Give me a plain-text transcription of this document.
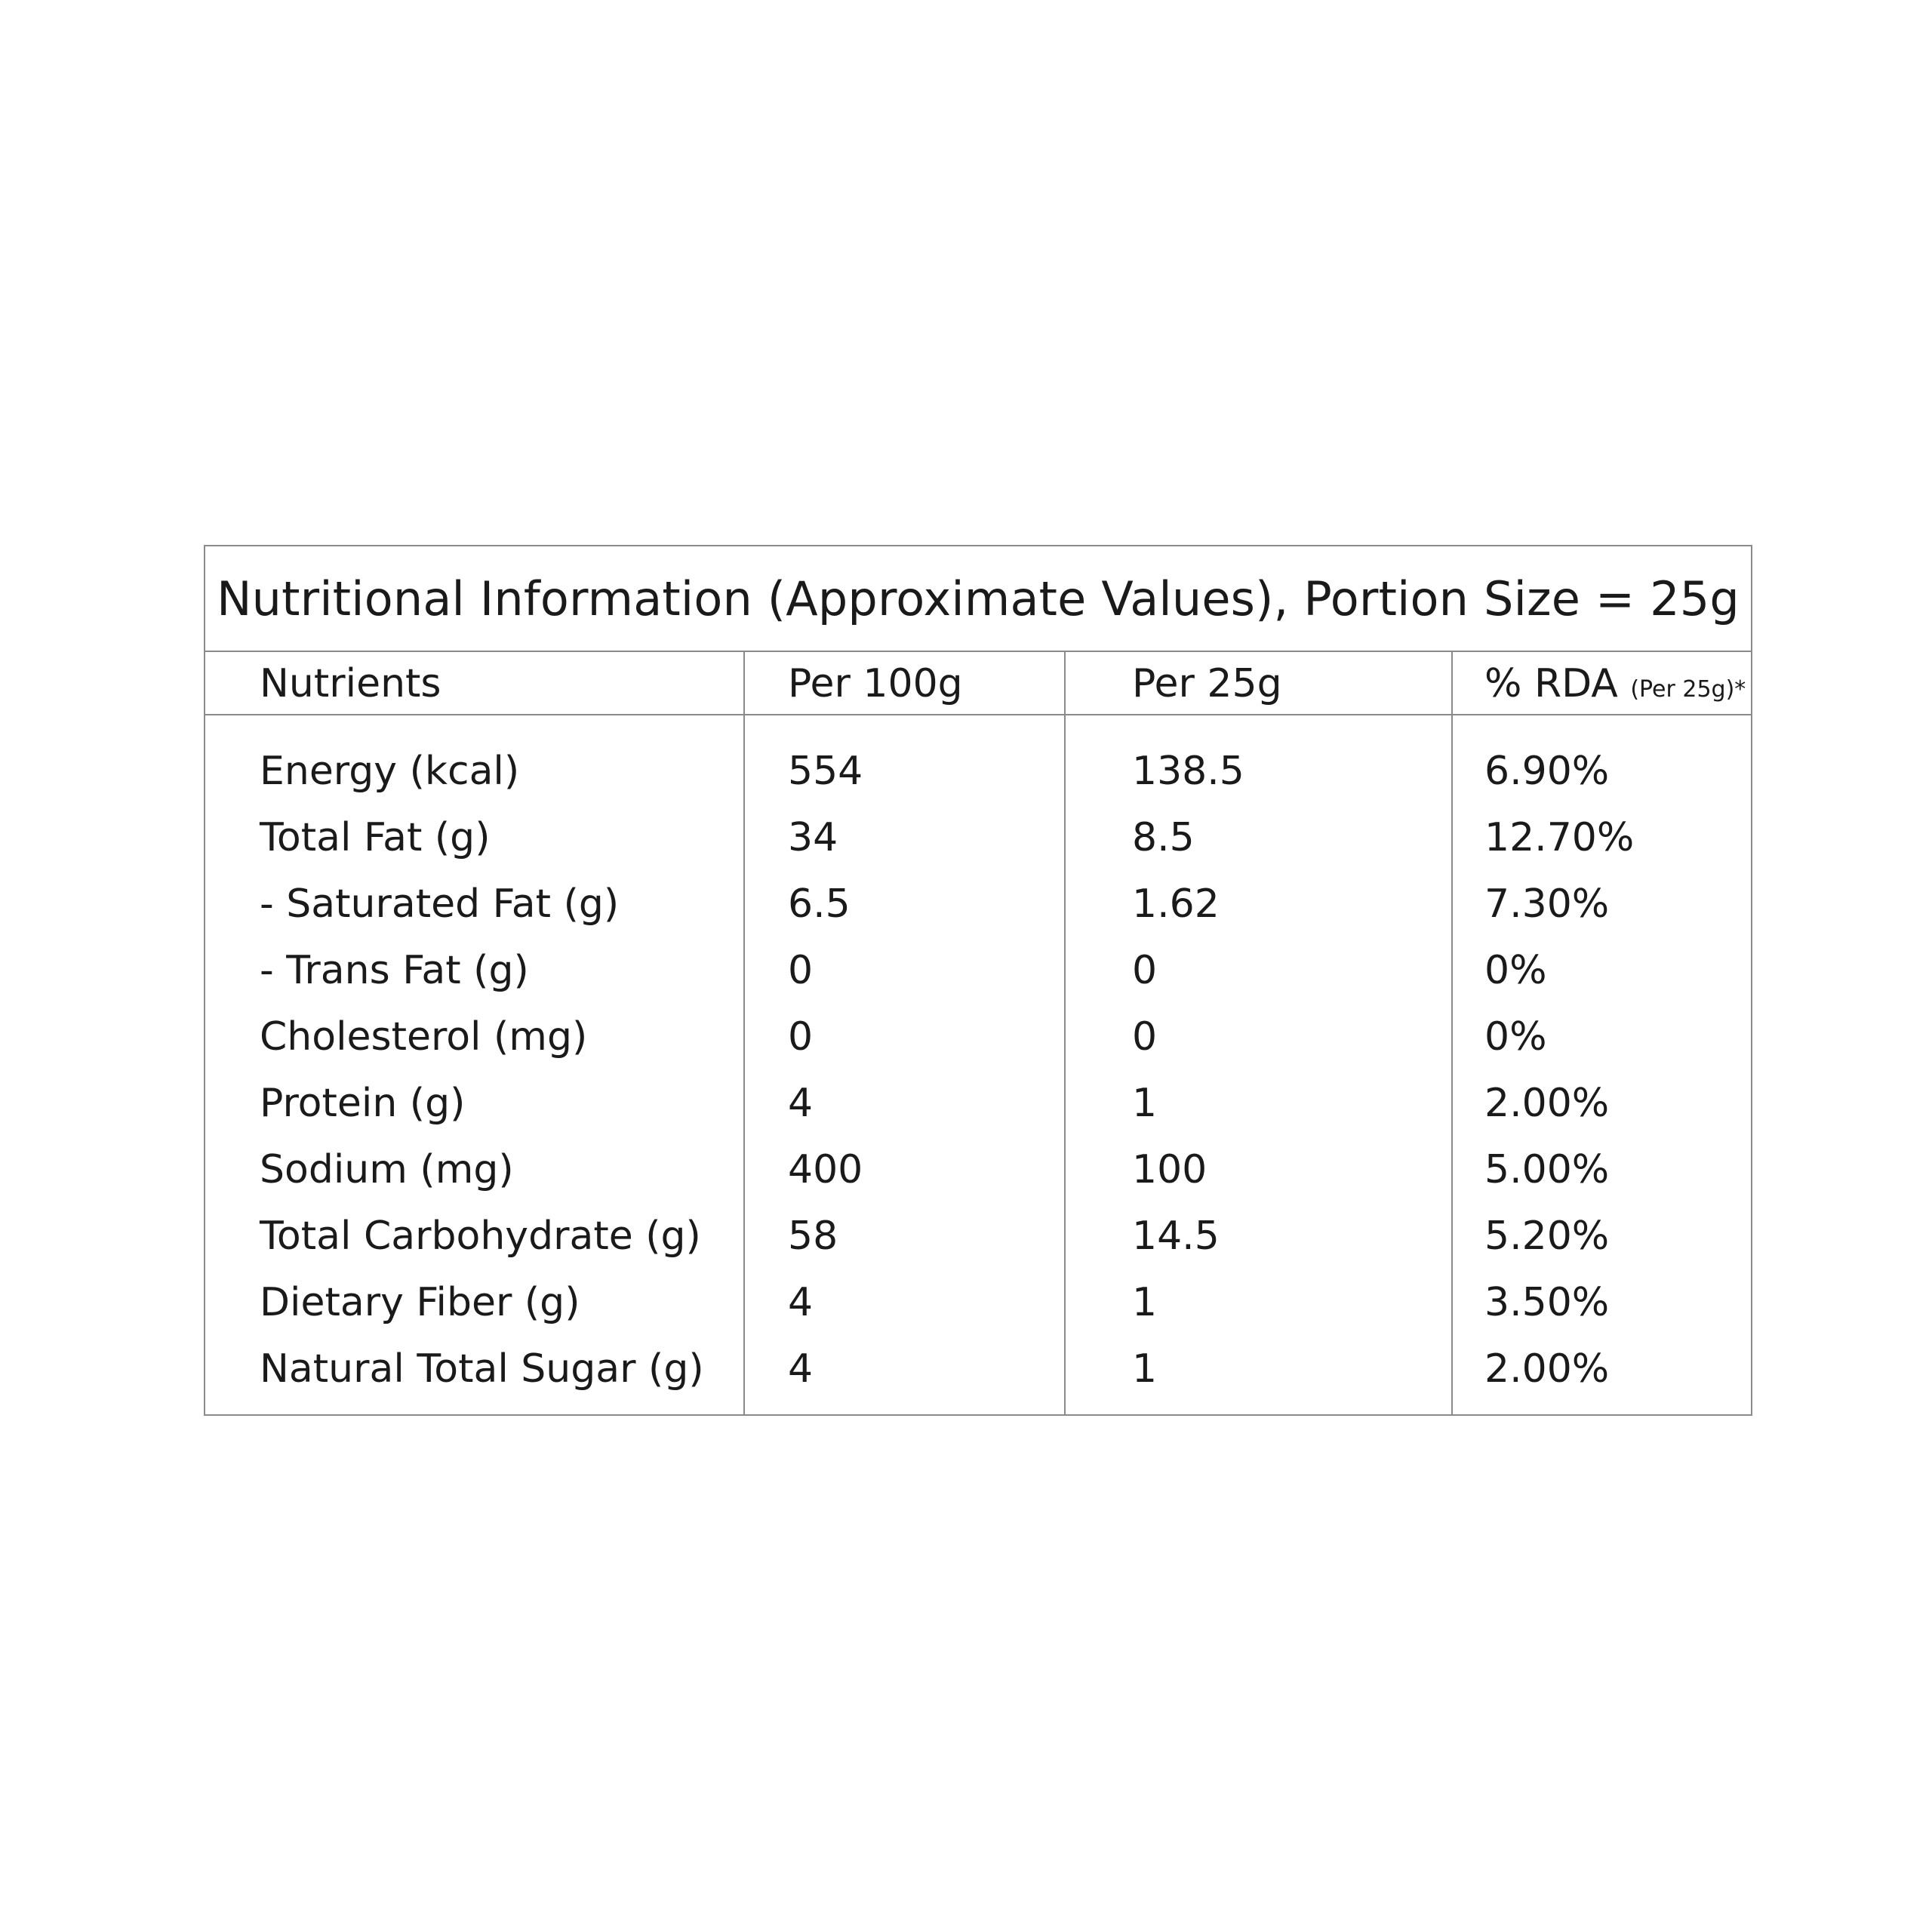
Nutritional Information (Approximate Values), Portion Size = 25g
Nutrients	Per 100g	Per 25g	% RDA (Per 25g)*
Energy (kcal)	554	138.5	6.90%
Total Fat (g)	34	8.5	12.70%
- Saturated Fat (g)	6.5	1.62	7.30%
- Trans Fat (g)	0	0	0%
Cholesterol (mg)	0	0	0%
Protein (g)	4	1	2.00%
Sodium (mg)	400	100	5.00%
Total Carbohydrate (g) 58	14.5	5.20%
Dietary Fiber (g)	4	1	3.50%
Natural Total Sugar (g) 4	1	2.00%
